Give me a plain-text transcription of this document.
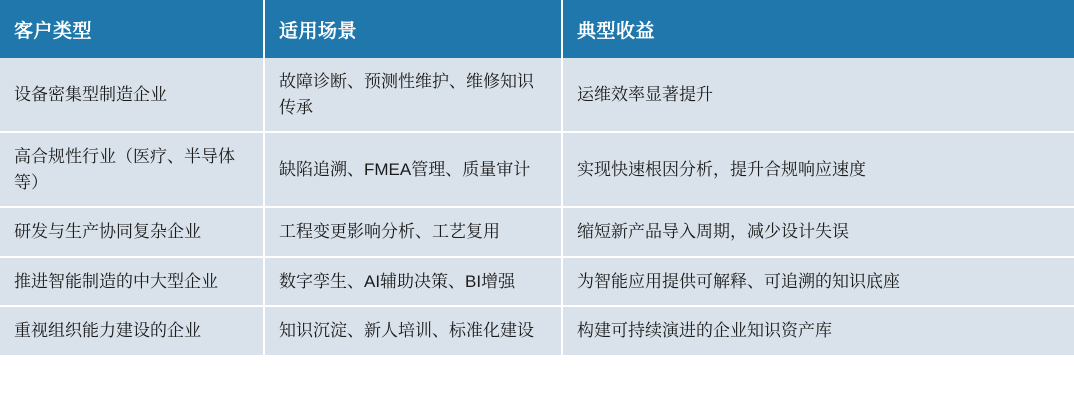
客户类型	适用场景	典型收益
设备密集型制造企业	故障诊断、预测性维护、维修知识传承	运维效率显著提升
高合规性行业（医疗、半导体等）	缺陷追溯、FMEA管理、质量审计	实现快速根因分析，提升合规响应速度
研发与生产协同复杂企业	工程变更影响分析、工艺复用	缩短新产品导入周期，减少设计失误
推进智能制造的中大型企业	数字孪生、AI辅助决策、BI增强	为智能应用提供可解释、可追溯的知识底座
重视组织能力建设的企业	知识沉淀、新人培训、标准化建设	构建可持续演进的企业知识资产库
